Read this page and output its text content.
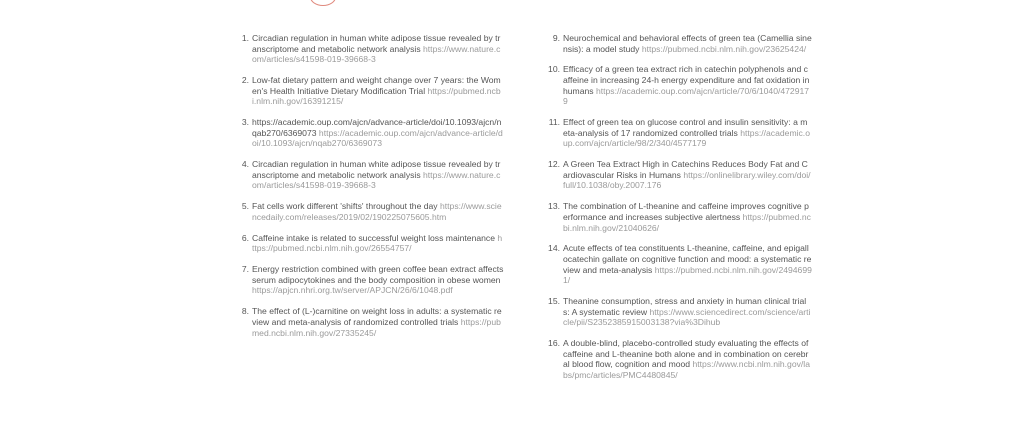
1. Circadian regulation in human white adipose tissue revealed by transcriptome and metabolic network analysis https://www.nature.com/articles/s41598-019-39668-3
2. Low-fat dietary pattern and weight change over 7 years: the Women's Health Initiative Dietary Modification Trial https://pubmed.ncbi.nlm.nih.gov/16391215/
3. https://academic.oup.com/ajcn/advance-article/doi/10.1093/ajcn/nqab270/6369073 https://academic.oup.com/ajcn/advance-article/doi/10.1093/ajcn/nqab270/6369073
4. Circadian regulation in human white adipose tissue revealed by transcriptome and metabolic network analysis https://www.nature.com/articles/s41598-019-39668-3
5. Fat cells work different 'shifts' throughout the day https://www.sciencedaily.com/releases/2019/02/190225075605.htm
6. Caffeine intake is related to successful weight loss maintenance https://pubmed.ncbi.nlm.nih.gov/26554757/
7. Energy restriction combined with green coffee bean extract affects serum adipocytokines and the body composition in obese women https://apjcn.nhri.org.tw/server/APJCN/26/6/1048.pdf
8. The effect of (L-)carnitine on weight loss in adults: a systematic review and meta-analysis of randomized controlled trials https://pubmed.ncbi.nlm.nih.gov/27335245/
9. Neurochemical and behavioral effects of green tea (Camellia sinensis): a model study https://pubmed.ncbi.nlm.nih.gov/23625424/
10. Efficacy of a green tea extract rich in catechin polyphenols and caffeine in increasing 24-h energy expenditure and fat oxidation in humans https://academic.oup.com/ajcn/article/70/6/1040/4729179
11. Effect of green tea on glucose control and insulin sensitivity: a meta-analysis of 17 randomized controlled trials https://academic.oup.com/ajcn/article/98/2/340/4577179
12. A Green Tea Extract High in Catechins Reduces Body Fat and Cardiovascular Risks in Humans https://onlinelibrary.wiley.com/doi/full/10.1038/oby.2007.176
13. The combination of L-theanine and caffeine improves cognitive performance and increases subjective alertness https://pubmed.ncbi.nlm.nih.gov/21040626/
14. Acute effects of tea constituents L-theanine, caffeine, and epigallocatechin gallate on cognitive function and mood: a systematic review and meta-analysis https://pubmed.ncbi.nlm.nih.gov/24946991/
15. Theanine consumption, stress and anxiety in human clinical trials: A systematic review https://www.sciencedirect.com/science/article/pii/S2352385915003138?via%3Dihub
16. A double-blind, placebo-controlled study evaluating the effects of caffeine and L-theanine both alone and in combination on cerebral blood flow, cognition and mood https://www.ncbi.nlm.nih.gov/labs/pmc/articles/PMC4480845/
